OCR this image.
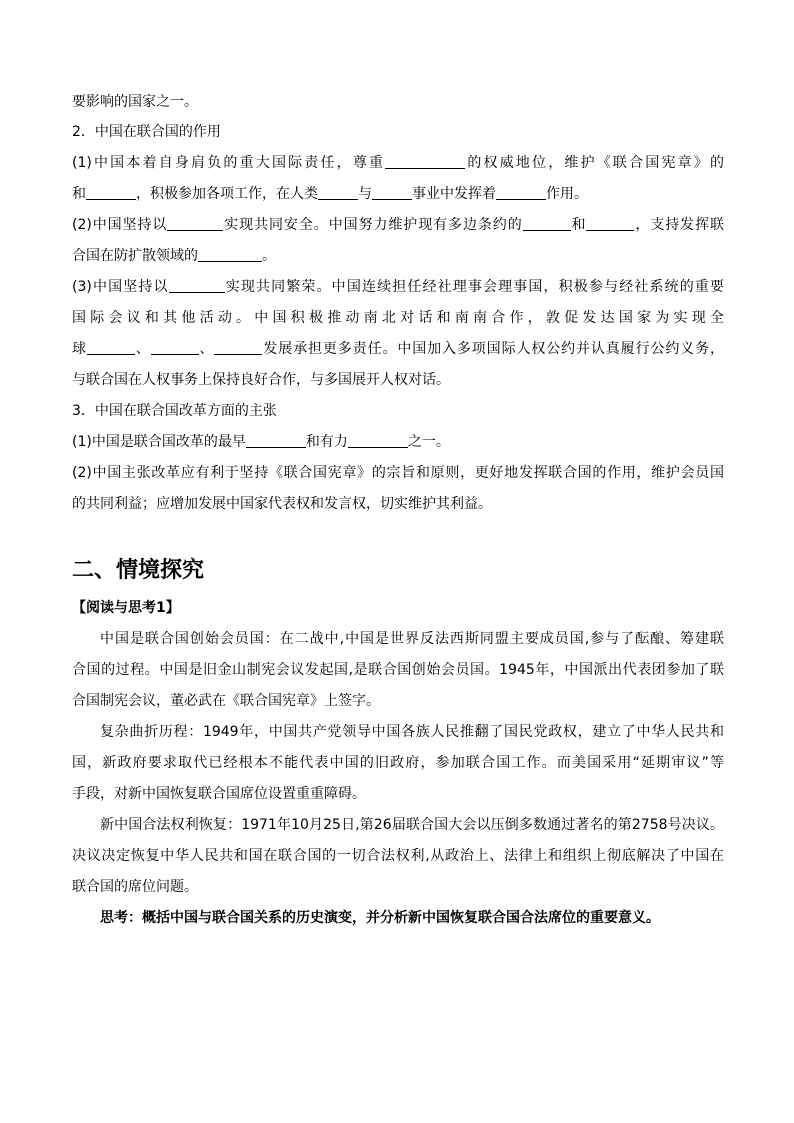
要影响的国家之一。

2．中国在联合国的作用

(1)中国本着自身肩负的重大国际责任，尊重	的权威地位，维护《联合国宪章》的

和	，积极参加各项工作，在人类	与	事业中发挥着	作用。

(2)中国坚持以	实现共同安全。中国努力维护现有多边条约的	和	，支持发挥联

合国在防扩散领域的	。

(3)中国坚持以	实现共同繁荣。中国连续担任经社理事会理事国，积极参与经社系统的重要

国际会议和其他活动。中国积极推动南北对话和南南合作，敦促发达国家为实现全

球	、	、	发展承担更多责任。中国加入多项国际人权公约并认真履行公约义务，

与联合国在人权事务上保持良好合作，与多国展开人权对话。

3．中国在联合国改革方面的主张

(1)中国是联合国改革的最早	和有力	之一。

(2)中国主张改革应有利于坚持《联合国宪章》的宗旨和原则，更好地发挥联合国的作用，维护会员国

的共同利益；应增加发展中国家代表权和发言权，切实维护其利益。

二、情境探究

【阅读与思考1】

中国是联合国创始会员国：在二战中,中国是世界反法西斯同盟主要成员国,参与了酝酿、筹建联

合国的过程。中国是旧金山制宪会议发起国,是联合国创始会员国。1945年，中国派出代表团参加了联

合国制宪会议，董必武在《联合国宪章》上签字。

复杂曲折历程：1949年，中国共产党领导中国各族人民推翻了国民党政权，建立了中华人民共和

国，新政府要求取代已经根本不能代表中国的旧政府，参加联合国工作。而美国采用“延期审议”等

手段，对新中国恢复联合国席位设置重重障碍。

新中国合法权利恢复：1971年10月25日,第26届联合国大会以压倒多数通过著名的第2758号决议。

决议决定恢复中华人民共和国在联合国的一切合法权利,从政治上、法律上和组织上彻底解决了中国在

联合国的席位问题。

思考：概括中国与联合国关系的历史演变，并分析新中国恢复联合国合法席位的重要意义。
